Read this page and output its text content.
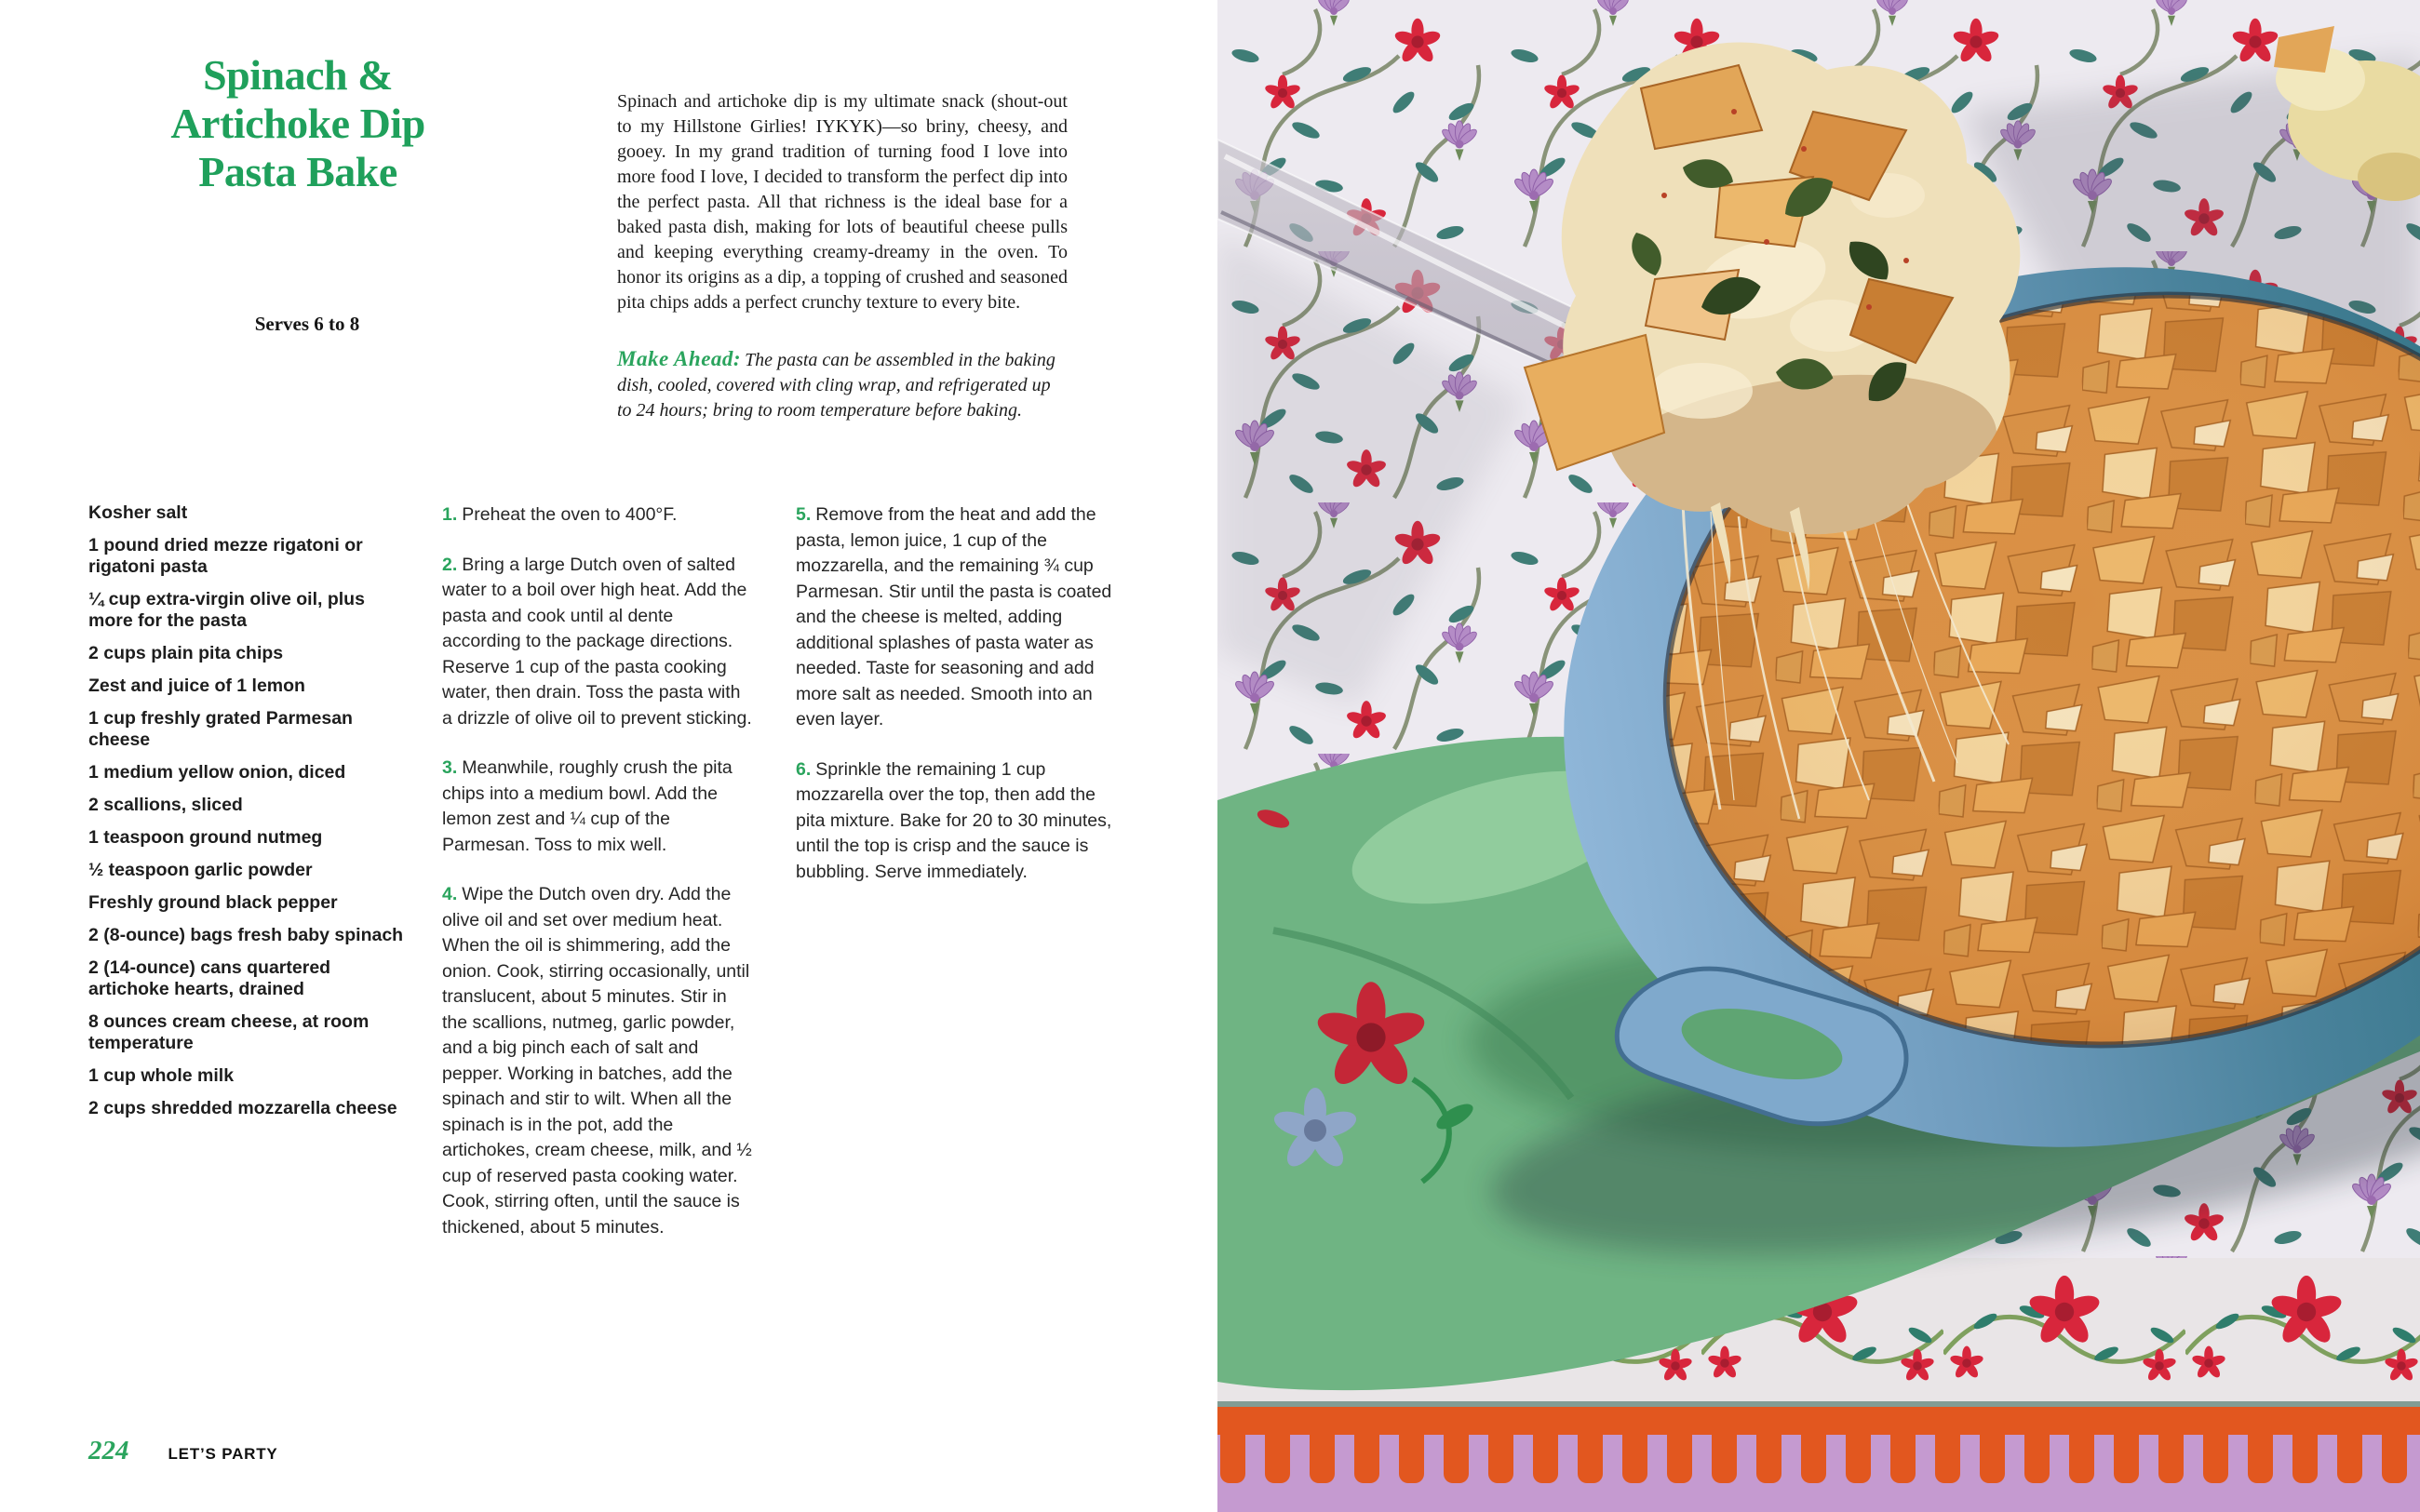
Spinach &
Artichoke Dip
Pasta Bake
Serves 6 to 8

Spinach and artichoke dip is my ultimate snack (shout-out to my Hillstone Girlies! IYKYK)—so briny, cheesy, and gooey. In my grand tradition of turning food I love into more food I love, I decided to transform the perfect dip into the perfect pasta. All that richness is the ideal base for a baked pasta dish, making for lots of beautiful cheese pulls and keeping everything creamy-dreamy in the oven. To honor its origins as a dip, a topping of crushed and seasoned pita chips adds a perfect crunchy texture to every bite.

Make Ahead: The pasta can be assembled in the baking dish, cooled, covered with cling wrap, and refrigerated up to 24 hours; bring to room temperature before baking.

Kosher salt
1 pound dried mezze rigatoni or rigatoni pasta
¼ cup extra-virgin olive oil, plus more for the pasta
2 cups plain pita chips
Zest and juice of 1 lemon
1 cup freshly grated Parmesan cheese
1 medium yellow onion, diced
2 scallions, sliced
1 teaspoon ground nutmeg
½ teaspoon garlic powder
Freshly ground black pepper
2 (8-ounce) bags fresh baby spinach
2 (14-ounce) cans quartered artichoke hearts, drained
8 ounces cream cheese, at room temperature
1 cup whole milk
2 cups shredded mozzarella cheese

1. Preheat the oven to 400°F.

2. Bring a large Dutch oven of salted water to a boil over high heat. Add the pasta and cook until al dente according to the package directions. Reserve 1 cup of the pasta cooking water, then drain. Toss the pasta with a drizzle of olive oil to prevent sticking.

3. Meanwhile, roughly crush the pita chips into a medium bowl. Add the lemon zest and ¼ cup of the Parmesan. Toss to mix well.

4. Wipe the Dutch oven dry. Add the olive oil and set over medium heat. When the oil is shimmering, add the onion. Cook, stirring occasionally, until translucent, about 5 minutes. Stir in the scallions, nutmeg, garlic powder, and a big pinch each of salt and pepper. Working in batches, add the spinach and stir to wilt. When all the spinach is in the pot, add the artichokes, cream cheese, milk, and ½ cup of reserved pasta cooking water. Cook, stirring often, until the sauce is thickened, about 5 minutes.

5. Remove from the heat and add the pasta, lemon juice, 1 cup of the mozzarella, and the remaining ¾ cup Parmesan. Stir until the pasta is coated and the cheese is melted, adding additional splashes of pasta water as needed. Taste for seasoning and add more salt as needed. Smooth into an even layer.

6. Sprinkle the remaining 1 cup mozzarella over the top, then add the pita mixture. Bake for 20 to 30 minutes, until the top is crisp and the sauce is bubbling. Serve immediately.

224 LET’S PARTY
